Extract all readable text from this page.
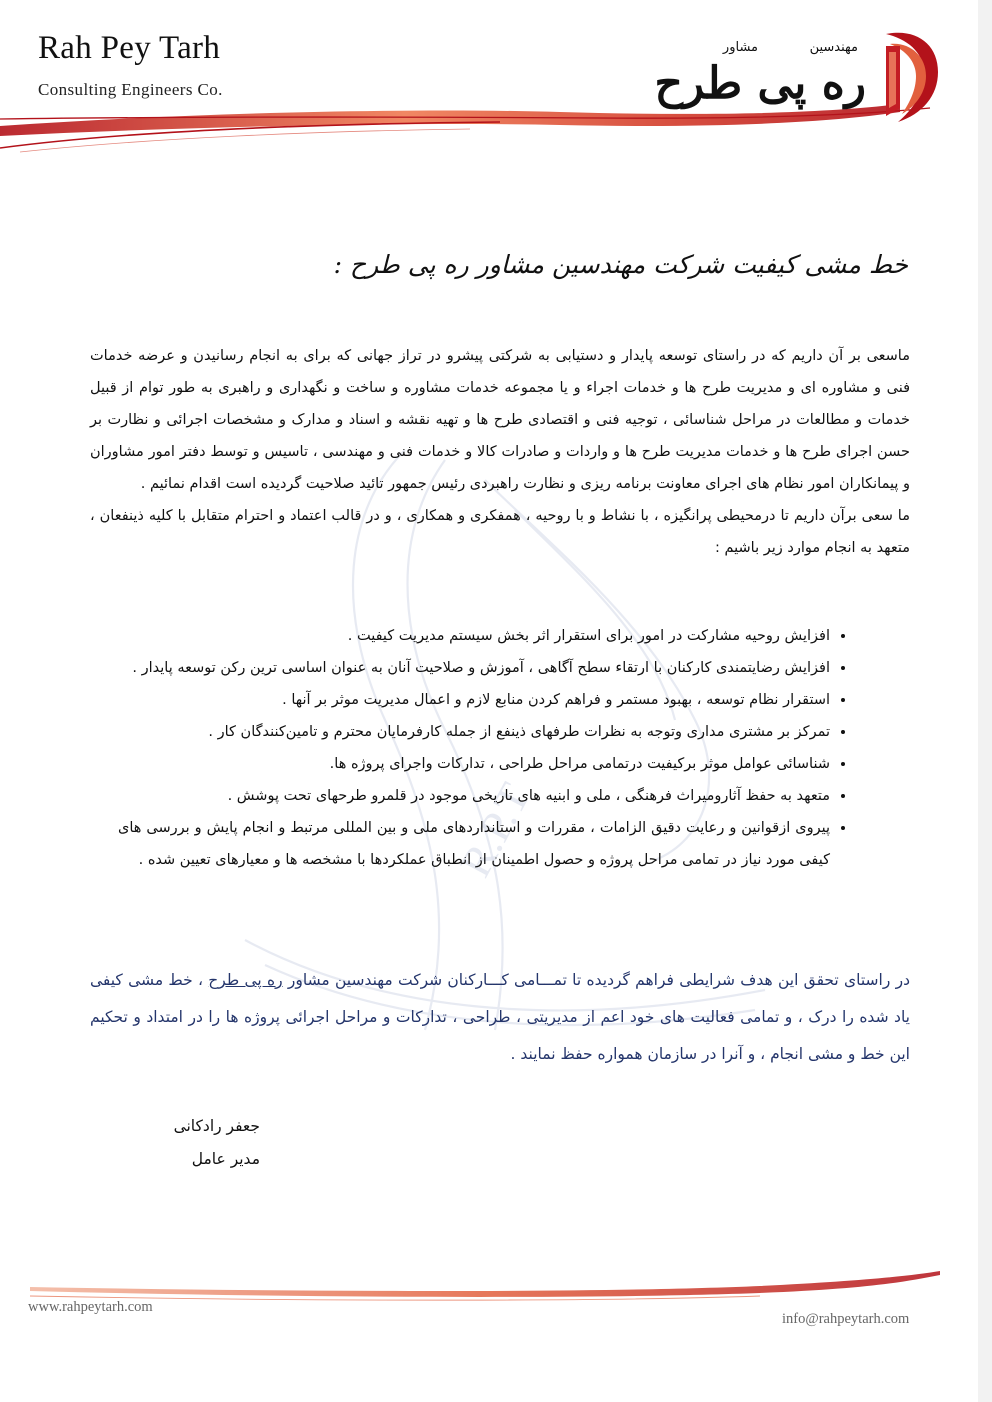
Rah Pey Tarh
Consulting Engineers Co.
مهندسین
مشاور
ره پی طرح
R.P.T
خط مشی کیفیت شرکت مهندسین مشاور ره پی طرح :

ماسعی بر آن داریم که در راستای توسعه پایدار و دستیابی به شرکتی پیشرو در تراز جهانی که برای به انجام رسانیدن و عرضه خدمات فنی و مشاوره ای و مدیریت طرح ها و خدمات اجراء و یا مجموعه خدمات مشاوره و ساخت و نگهداری و راهبری به طور توام از قبیل خدمات و مطالعات در مراحل شناسائی ، توجیه فنی و اقتصادی طرح ها و تهیه نقشه و اسناد و مدارک و مشخصات اجرائی و نظارت بر حسن اجرای طرح ها و خدمات مدیریت طرح ها و واردات و صادرات کالا و خدمات فنی و مهندسی ، تاسیس و توسط دفتر امور مشاوران و پیمانکاران امور نظام های اجرای معاونت برنامه ریزی و نظارت راهبردی رئیس جمهور تائید صلاحیت گردیده است اقدام نمائیم .

ما سعی برآن داریم تا درمحیطی پرانگیزه ، با نشاط و با روحیه ، همفکری و همکاری ، و در قالب اعتماد و احترام متقابل با کلیه ذینفعان ، متعهد به انجام موارد زیر باشیم :

• افزایش روحیه مشارکت در امور برای استقرار اثر بخش سیستم مدیریت کیفیت .
• افزایش رضایتمندی کارکنان با ارتقاء سطح آگاهی ، آموزش و صلاحیت آنان به عنوان اساسی ترین رکن توسعه پایدار .
• استقرار نظام توسعه ، بهبود مستمر و فراهم کردن منابع لازم و اعمال مدیریت موثر بر آنها .
• تمرکز بر مشتری مداری وتوجه به نظرات طرفهای ذینفع از جمله کارفرمایان محترم و تامین‌کنندگان کار .
• شناسائی عوامل موثر برکیفیت درتمامی مراحل طراحی ، تدارکات واجرای پروژه ها.
• متعهد به حفظ آثارومیراث فرهنگی ، ملی و ابنیه های تاریخی موجود در قلمرو طرحهای تحت پوشش .
• پیروی ازقوانین و رعایت دقیق الزامات ، مقررات و استانداردهای ملی و بین المللی مرتبط و انجام پایش و بررسی های کیفی مورد نیاز در تمامی مراحل پروژه و حصول اطمینان از انطباق عملکردها با مشخصه ها و معیارهای تعیین شده .

در راستای تحقق این هدف شرایطی فراهم گردیده تا تمـــامی کـــارکنان شرکت مهندسین مشاور ره پی طرح ، خط مشی کیفی یاد شده را درک ، و تمامی فعالیت های خود اعم از مدیریتی ، طراحی ، تدارکات و مراحل اجرائی پروژه ها را در امتداد و تحکیم این خط و مشی انجام ، و آنرا در سازمان همواره حفظ نمایند .

جعفر رادکانی
مدیر عامل
www.rahpeytarh.com
info@rahpeytarh.com
